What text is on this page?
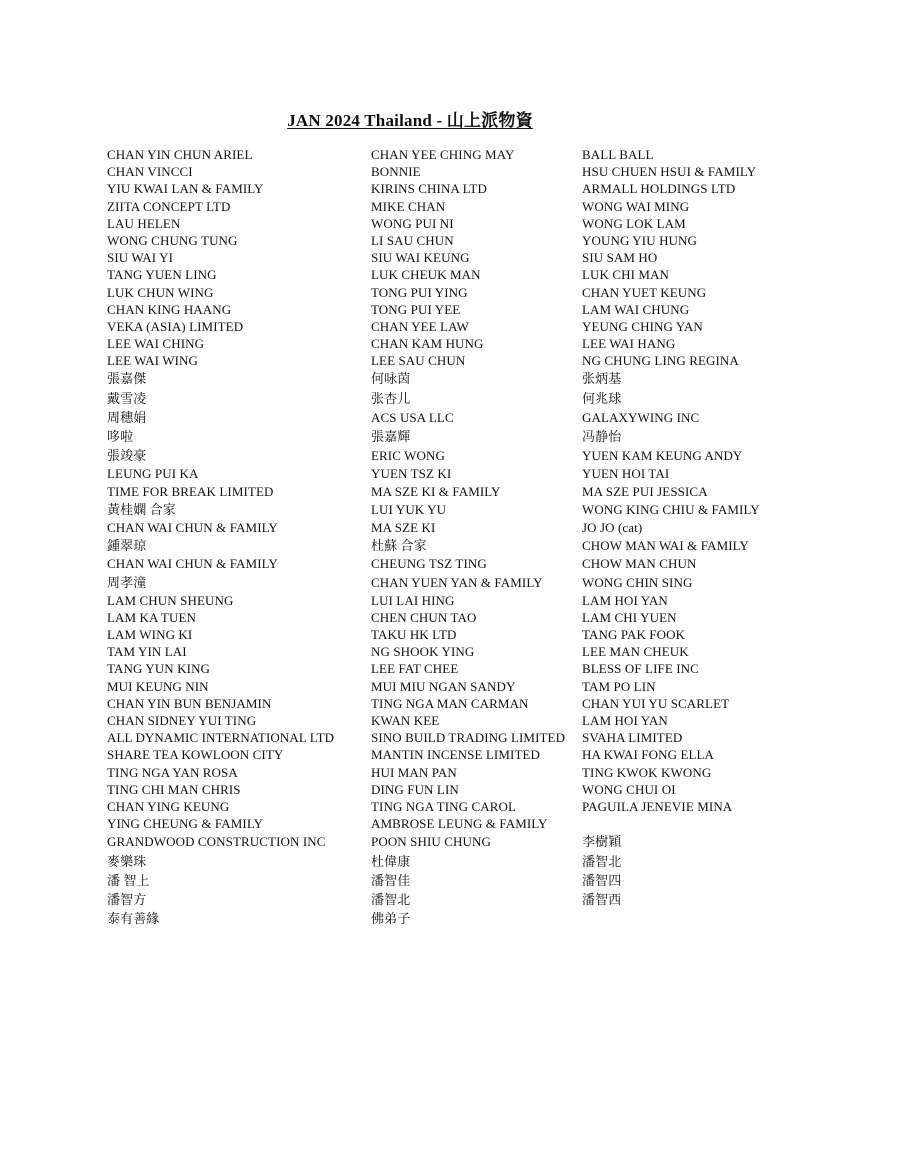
JAN 2024 Thailand - 山上派物資
CHAN YIN CHUN ARIEL
CHAN VINCCI
YIU KWAI LAN & FAMILY
ZIITA CONCEPT LTD
LAU HELEN
WONG CHUNG TUNG
SIU WAI YI
TANG YUEN LING
LUK CHUN WING
CHAN KING HAANG
VEKA (ASIA) LIMITED
LEE WAI CHING
LEE WAI WING
張嘉傑
戴雪凌
周穗娟
哆啦
張竣豪
LEUNG PUI KA
TIME FOR BREAK LIMITED
黃桂嫻 合家
CHAN WAI CHUN & FAMILY
鍾翠琼
CHAN WAI CHUN & FAMILY
周孝潼
LAM CHUN SHEUNG
LAM KA TUEN
LAM WING KI
TAM YIN LAI
TANG YUN KING
MUI KEUNG NIN
CHAN YIN BUN BENJAMIN
CHAN SIDNEY YUI TING
ALL DYNAMIC INTERNATIONAL LTD
SHARE TEA KOWLOON CITY
TING NGA YAN ROSA
TING CHI MAN CHRIS
CHAN YING KEUNG
YING CHEUNG & FAMILY
GRANDWOOD CONSTRUCTION INC
麥樂珠
潘 智上
潘智方
泰有善緣
CHAN YEE CHING MAY
BONNIE
KIRINS CHINA LTD
MIKE CHAN
WONG PUI NI
LI SAU CHUN
SIU WAI KEUNG
LUK CHEUK MAN
TONG PUI YING
TONG PUI YEE
CHAN YEE LAW
CHAN KAM HUNG
LEE SAU CHUN
何咏茵
张杏儿
ACS USA LLC
張嘉輝
ERIC WONG
YUEN TSZ KI
MA SZE KI & FAMILY
LUI YUK YU
MA SZE KI
杜蘇 合家
CHEUNG TSZ TING
CHAN YUEN YAN & FAMILY
LUI LAI HING
CHEN CHUN TAO
TAKU HK LTD
NG SHOOK YING
LEE FAT CHEE
MUI MIU NGAN SANDY
TING NGA MAN CARMAN
KWAN KEE
SINO BUILD TRADING LIMITED
MANTIN INCENSE LIMITED
HUI MAN PAN
DING FUN LIN
TING NGA TING CAROL
AMBROSE LEUNG & FAMILY
POON SHIU CHUNG
杜偉康
潘智佳
潘智北
佛弟子
BALL BALL
HSU CHUEN HSUI & FAMILY
ARMALL HOLDINGS LTD
WONG WAI MING
WONG LOK LAM
YOUNG YIU HUNG
SIU SAM HO
LUK CHI MAN
CHAN YUET KEUNG
LAM WAI CHUNG
YEUNG CHING YAN
LEE WAI HANG
NG CHUNG LING REGINA
张炳基
何兆球
GALAXYWING INC
冯静怡
YUEN KAM KEUNG ANDY
YUEN HOI TAI
MA SZE PUI JESSICA
WONG KING CHIU & FAMILY
JO JO (cat)
CHOW MAN WAI & FAMILY
CHOW MAN CHUN
WONG CHIN SING
LAM HOI YAN
LAM CHI YUEN
TANG PAK FOOK
LEE MAN CHEUK
BLESS OF LIFE INC
TAM PO LIN
CHAN YUI YU SCARLET
LAM HOI YAN
SVAHA LIMITED
HA KWAI FONG ELLA
TING KWOK KWONG
WONG CHUI OI
PAGUILA JENEVIE MINA
李樹穎
潘智北
潘智四
潘智西
